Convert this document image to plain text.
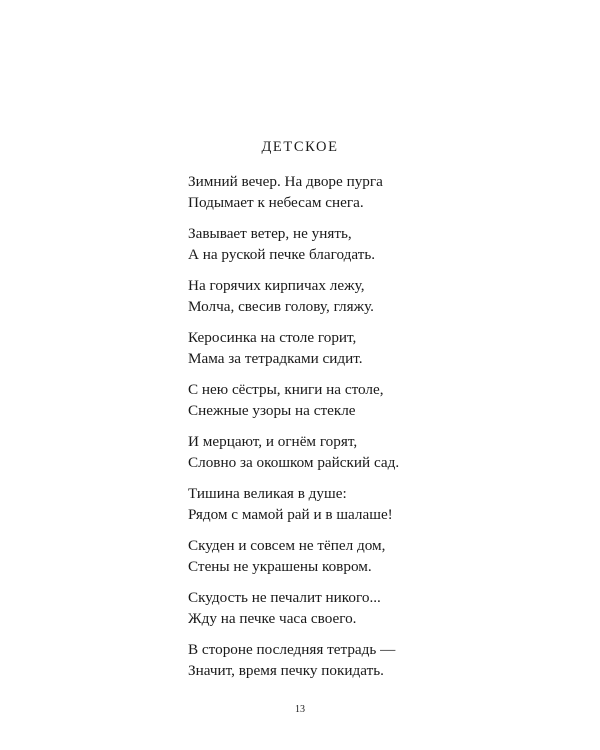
ДЕТСКОЕ
Зимний вечер. На дворе пурга
Подымает к небесам снега.
Завывает ветер, не унять,
А на руской печке благодать.
На горячих кирпичах лежу,
Молча, свесив голову, гляжу.
Керосинка на столе горит,
Мама за тетрадками сидит.
С нею сёстры, книги на столе,
Снежные узоры на стекле
И мерцают, и огнём горят,
Словно за окошком райский сад.
Тишина великая в душе:
Рядом с мамой рай и в шалаше!
Скуден и совсем не тёпел дом,
Стены не украшены ковром.
Скудость не печалит никого...
Жду на печке часа своего.
В стороне последняя тетрадь —
Значит, время печку покидать.
13
